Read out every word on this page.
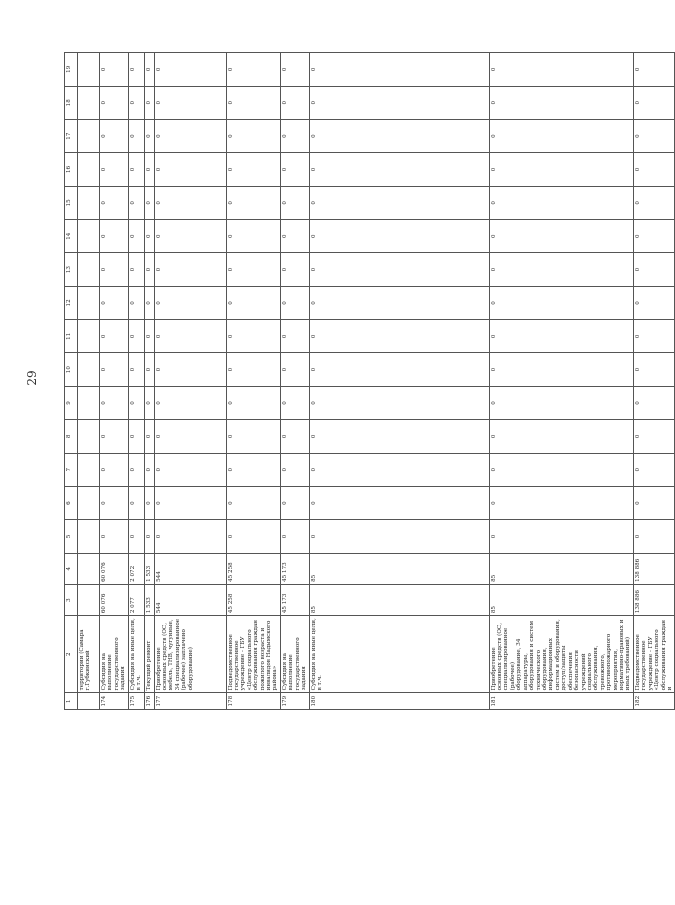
29
1	2	3	4	5	6	7	8	9	10	11	12	13	14	15	16	17	18	19
	территории (Самара г.Губкинский																	
174	Субсидия на выполнение государственного задания	60 076	60 076	0	0	0	0	0	0	0	0	0	0	0	0	0	0	0
175	Субсидия на иные цели, в т.ч.	2 077	2 072	0	0	0	0	0	0	0	0	0	0	0	0	0	0	0
176	Текущий ремонт	1 533	1 533	0	0	0	0	0	0	0	0	0	0	0	0	0	0	0
177	Приобретение основных средств (ОС, мебель, ТНВ, чугунные, 34 специализированное (рабочее) заплачено оборудование)	544	544	0	0	0	0	0	0	0	0	0	0	0	0	0	0	0
178	Подведомственное государственное учреждение - ГБУ «Центр социального обслуживания граждан пожилого возраста и инвалидов Надымского района»	45 258	45 258	0	0	0	0	0	0	0	0	0	0	0	0	0	0	0
179	Субсидия на выполнение государственного задания	45 173	45 173	0	0	0	0	0	0	0	0	0	0	0	0	0	0	0
180	Субсидия на иные цели, в т.ч.	85	85	0	0	0	0	0	0	0	0	0	0	0	0	0	0	0
181	Приобретение основных средств (ОС, специализированное (рабочее) оборудование, 34 аппаратуры, оборудования и систем технического оборудования, информационных систем и оборудования, доступ/защиты обеспечения безопасности учреждений социального обслуживания, тревожного, противопожарного мероприятия, нормативно-правовых и иных требований)	85	85	0	0	0	0	0	0	0	0	0	0	0	0	0	0	0
182	Подведомственное государственное учреждение - ГБУ «Центр социального обслуживания граждан и	138 886	138 886	0	0	0	0	0	0	0	0	0	0	0	0	0	0	0
